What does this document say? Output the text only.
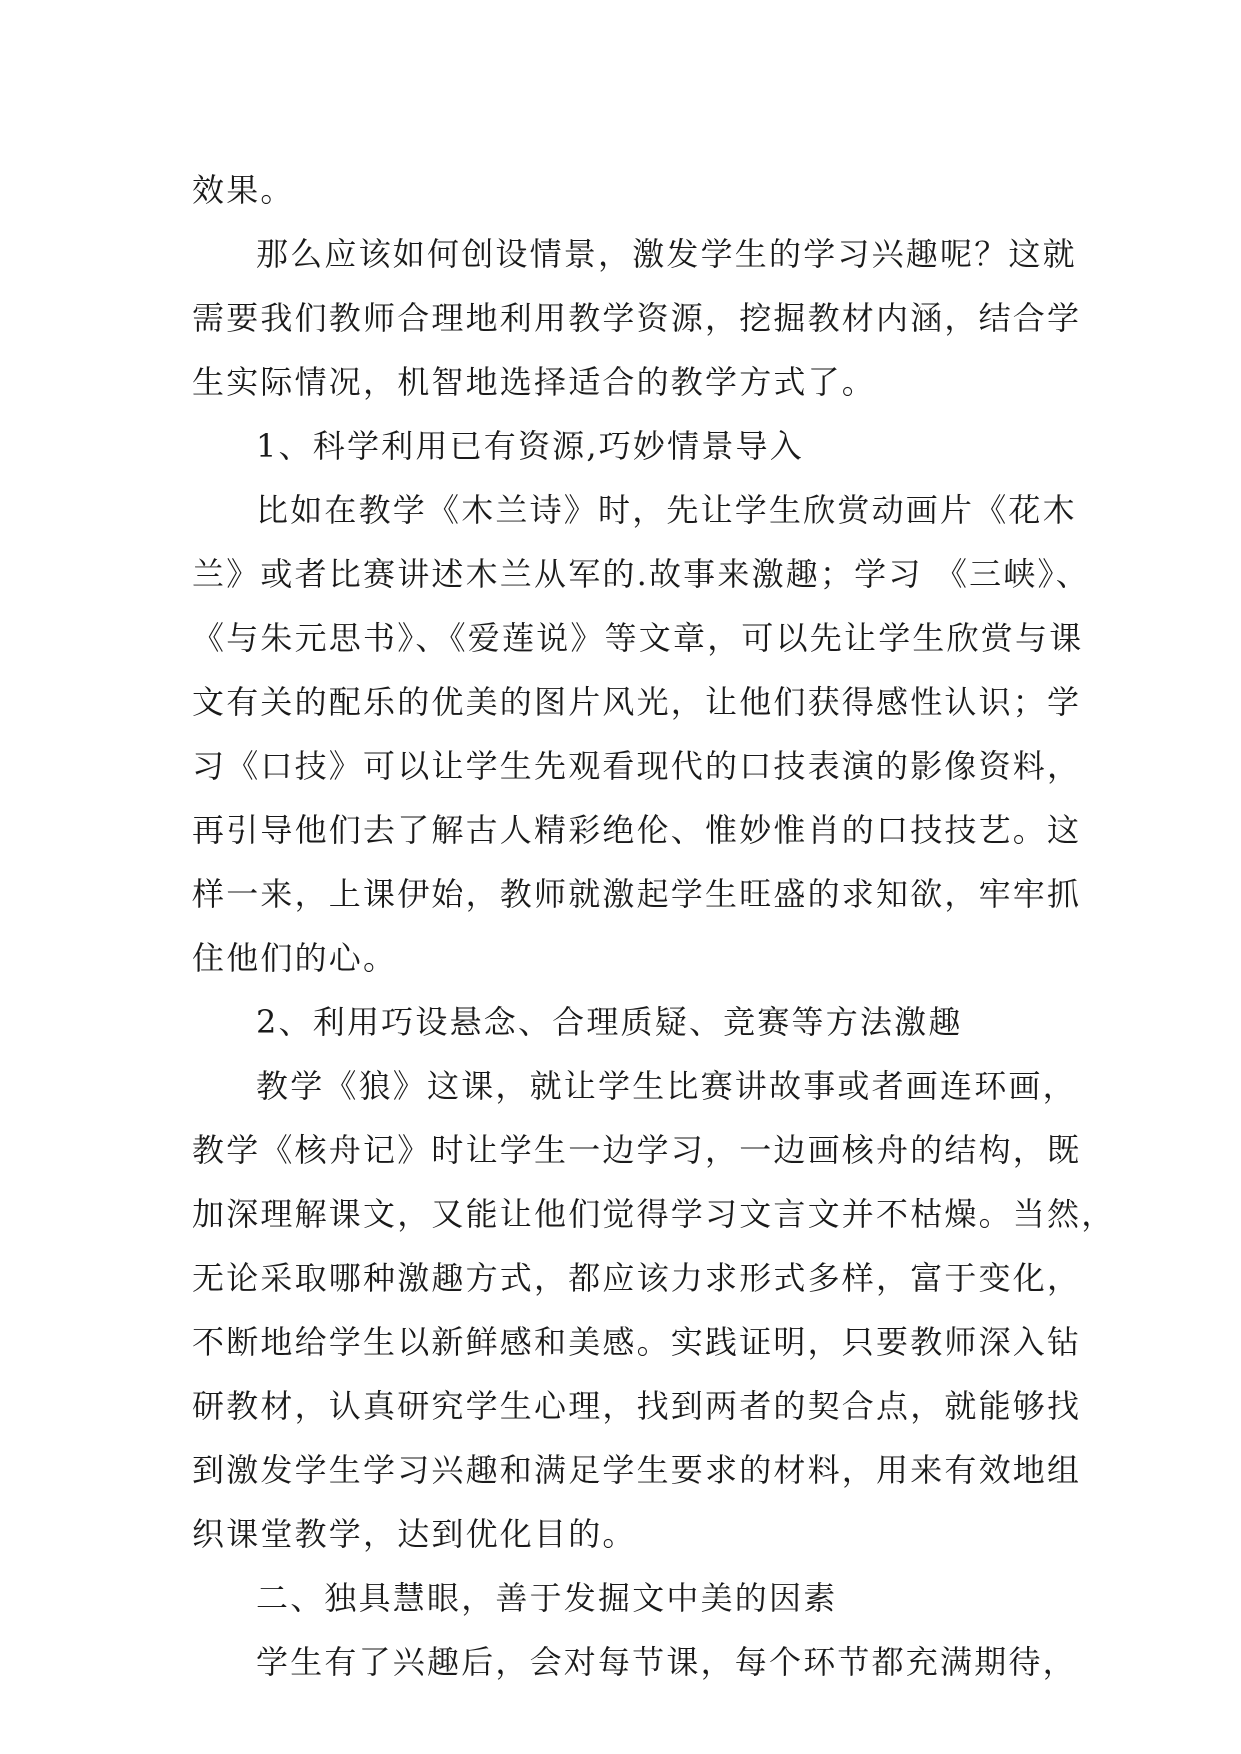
效果。
那么应该如何创设情景，激发学生的学习兴趣呢？这就
需要我们教师合理地利用教学资源，挖掘教材内涵，结合学
生实际情况，机智地选择适合的教学方式了。
1、科学利用已有资源,巧妙情景导入
比如在教学《木兰诗》时，先让学生欣赏动画片《花木
兰》或者比赛讲述木兰从军的.故事来激趣；学习 《三峡》、
《与朱元思书》、《爱莲说》等文章，可以先让学生欣赏与课
文有关的配乐的优美的图片风光，让他们获得感性认识；学
习《口技》可以让学生先观看现代的口技表演的影像资料，
再引导他们去了解古人精彩绝伦、惟妙惟肖的口技技艺。这
样一来，上课伊始，教师就激起学生旺盛的求知欲，牢牢抓
住他们的心。
2、利用巧设悬念、合理质疑、竞赛等方法激趣
教学《狼》这课，就让学生比赛讲故事或者画连环画，
教学《核舟记》时让学生一边学习，一边画核舟的结构，既
加深理解课文，又能让他们觉得学习文言文并不枯燥。当然，
无论采取哪种激趣方式，都应该力求形式多样，富于变化，
不断地给学生以新鲜感和美感。实践证明，只要教师深入钻
研教材，认真研究学生心理，找到两者的契合点，就能够找
到激发学生学习兴趣和满足学生要求的材料，用来有效地组
织课堂教学，达到优化目的。
二、独具慧眼，善于发掘文中美的因素
学生有了兴趣后，会对每节课，每个环节都充满期待，
